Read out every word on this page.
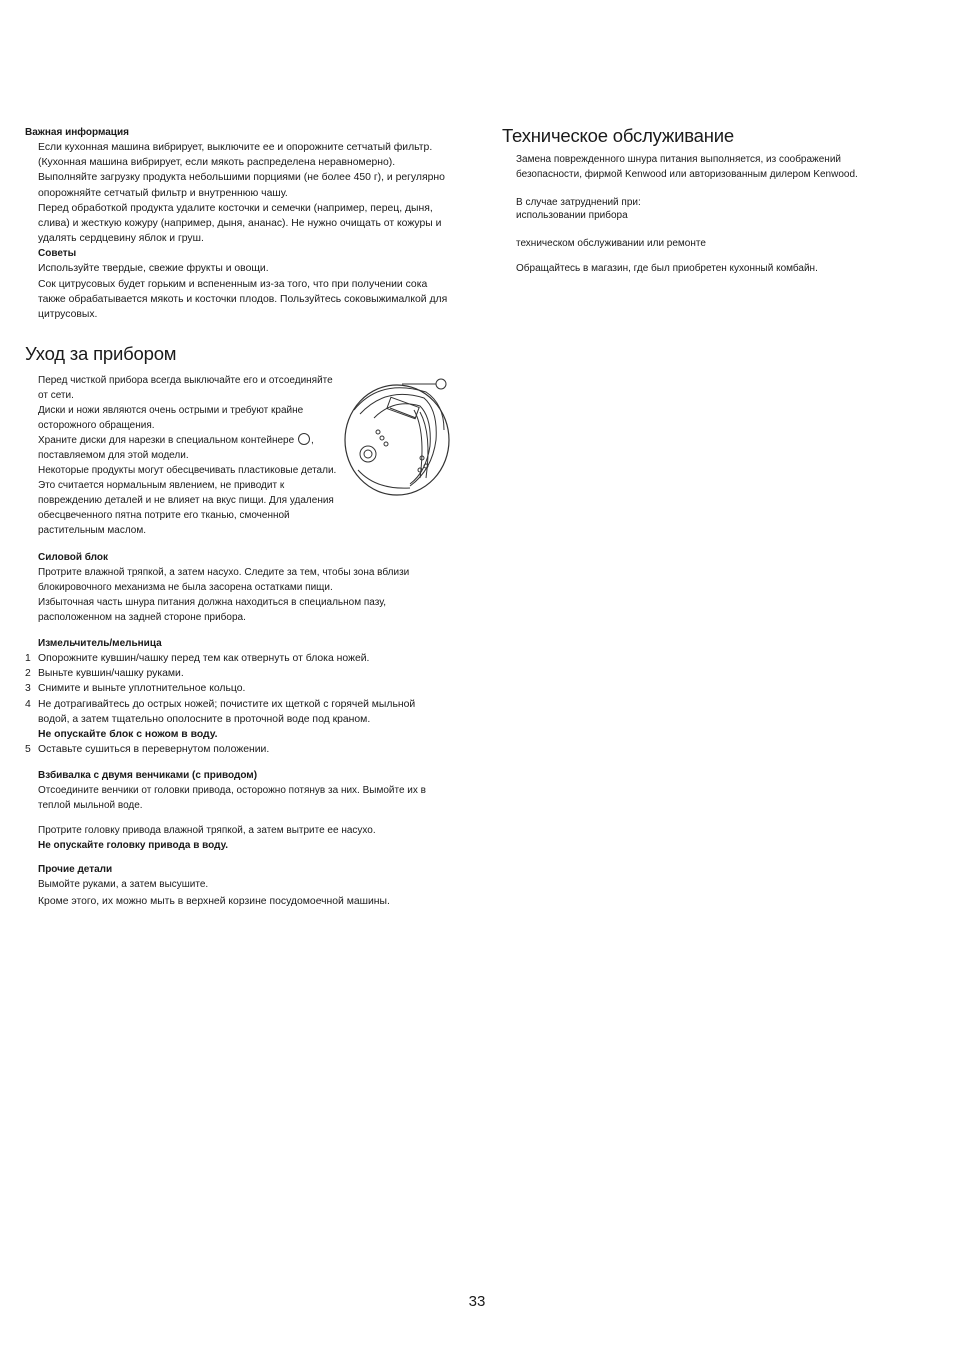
Важная информация

Если кухонная машина вибрирует, выключите ее и опорожните сетчатый фильтр. (Кухонная машина вибрирует, если мякоть распределена неравномерно). Выполняйте загрузку продукта небольшими порциями (не более 450 г), и регулярно опорожняйте сетчатый фильтр и внутреннюю чашу.

Перед обработкой продукта удалите косточки и семечки (например, перец, дыня, слива) и жесткую кожуру (например, дыня, ананас). Не нужно очищать от кожуры и удалять сердцевину яблок и груш.

Советы

Используйте твердые, свежие фрукты и овощи.

Сок цитрусовых будет горьким и вспененным из-за того, что при получении сока также обрабатывается мякоть и косточки плодов. Пользуйтесь соковыжималкой для цитрусовых.

Уход за прибором

Перед чисткой прибора всегда выключайте его и отсоединяйте от сети.

Диски и ножи являются очень острыми и требуют крайне осторожного обращения.

Храните диски для нарезки в специальном контейнере , поставляемом для этой модели.

Некоторые продукты могут обесцвечивать пластиковые детали. Это считается нормальным явлением, не приводит к повреждению деталей и не влияет на вкус пищи. Для удаления обесцвеченного пятна потрите его тканью, смоченной растительным маслом.

Силовой блок

Протрите влажной тряпкой, а затем насухо. Следите за тем, чтобы зона вблизи блокировочного механизма не была засорена остатками пищи.

Избыточная часть шнура питания должна находиться в специальном пазу, расположенном на задней стороне прибора.

Измельчитель/мельница

1 Опорожните кувшин/чашку перед тем как отвернуть от блока ножей.
2 Выньте кувшин/чашку руками.
3 Снимите и выньте уплотнительное кольцо.
4 Не дотрагивайтесь до острых ножей; почистите их щеткой с горячей мыльной водой, а затем тщательно ополосните в проточной воде под краном.
Не опускайте блок с ножом в воду.
5 Оставьте сушиться в перевернутом положении.

Взбивалка с двумя венчиками (с приводом)

Отсоедините венчики от головки привода, осторожно потянув за них. Вымойте их в теплой мыльной воде.

Протрите головку привода влажной тряпкой, а затем вытрите ее насухо.

Не опускайте головку привода в воду.

Прочие детали

Вымойте руками, а затем высушите.

Кроме этого, их можно мыть в верхней корзине посудомоечной машины.

Техническое обслуживание

Замена поврежденного шнура питания выполняется, из соображений безопасности, фирмой Kenwood или авторизованным дилером Kenwood.

В случае затруднений при:

использовании прибора

техническом обслуживании или ремонте

Обращайтесь в магазин, где был приобретен кухонный комбайн.

33
